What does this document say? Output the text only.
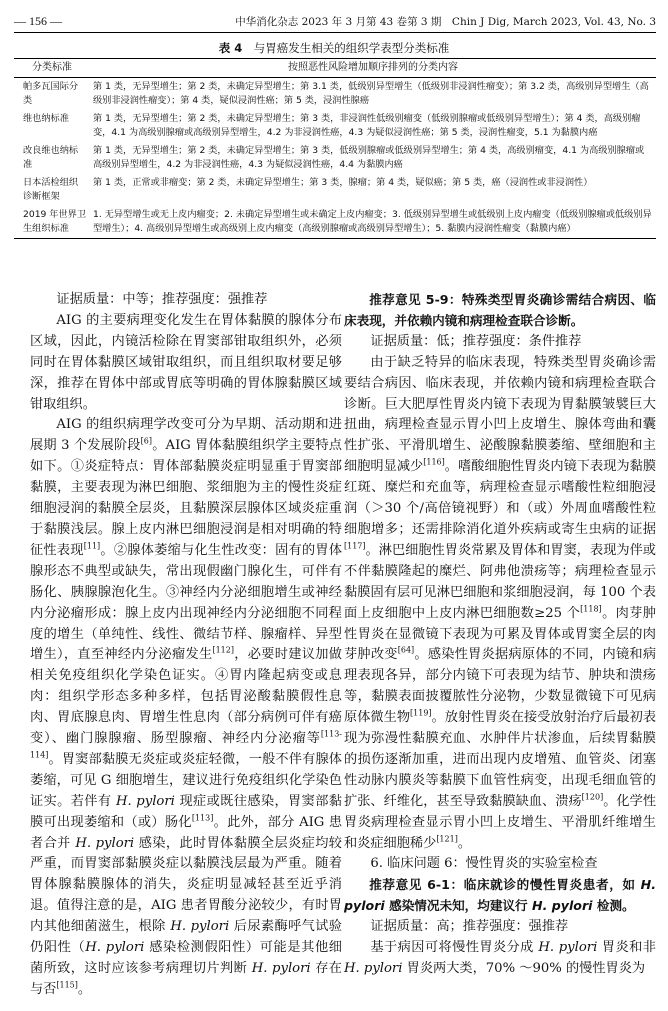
— 156 —	中华消化杂志 2023 年 3 月第 43 卷第 3 期　Chin J Dig, March 2023, Vol. 43, No. 3
表 4　 与胃癌发生相关的组织学表型分类标准
分类标准	按照恶性风险增加顺序排列的分类内容
帕多瓦国际分类	第 1 类，无异型增生；第 2 类，未确定异型增生；第 3.1 类，低级别异型增生（低级别非浸润性瘤变）；第 3.2 类，高级别异型增生（高级别非浸润性瘤变）；第 4 类，疑似浸润性癌；第 5 类，浸润性腺癌
维也纳标准	第 1 类，无异型增生；第 2 类，未确定异型增生；第 3 类，非浸润性低级别瘤变（低级别腺瘤或低级别异型增生）；第 4 类，高级别瘤变，4.1 为高级别腺瘤或高级别异型增生，4.2 为非浸润性癌，4.3 为疑似浸润性癌；第 5 类，浸润性瘤变，5.1 为黏膜内癌
改良维也纳标准	第 1 类，无异型增生；第 2 类，未确定异型增生；第 3 类，低级别腺瘤或低级别异型增生；第 4 类，高级别瘤变，4.1 为高级别腺瘤或高级别异型增生，4.2 为非浸润性癌，4.3 为疑似浸润性癌，4.4 为黏膜内癌
日本活检组织诊断框架	第 1 类，正常或非瘤变；第 2 类，未确定异型增生；第 3 类，腺瘤；第 4 类，疑似癌；第 5 类，癌（浸润性或非浸润性）
2019 年世界卫生组织标准	1. 无异型增生或无上皮内瘤变；2. 未确定异型增生或未确定上皮内瘤变；3. 低级别异型增生或低级别上皮内瘤变（低级别腺瘤或低级别异型增生）；4. 高级别异型增生或高级别上皮内瘤变（高级别腺瘤或高级别异型增生）；5. 黏膜内浸润性瘤变（黏膜内癌）

证据质量：中等；推荐强度：强推荐

AIG 的主要病理变化发生在胃体黏膜的腺体分布区域，因此，内镜活检除在胃窦部钳取组织外，必须同时在胃体黏膜区域钳取组织，而且组织取材要足够深，推荐在胃体中部或胃底等明确的胃体腺黏膜区域钳取组织。

AIG 的组织病理学改变可分为早期、活动期和进展期 3 个发展阶段[6]。AIG 胃体黏膜组织学主要特点如下。①炎症特点：胃体部黏膜炎症明显重于胃窦部黏膜，主要表现为淋巴细胞、浆细胞为主的慢性炎症细胞浸润的黏膜全层炎，且黏膜深层腺体区域炎症重于黏膜浅层。腺上皮内淋巴细胞浸润是相对明确的特征性表现[11]。②腺体萎缩与化生性改变：固有的胃体腺形态不典型或缺失，常出现假幽门腺化生，可伴有肠化、胰腺腺泡化生。③神经内分泌细胞增生或神经内分泌瘤形成：腺上皮内出现神经内分泌细胞不同程度的增生（单纯性、线性、微结节样、腺瘤样、异型增生），直至神经内分泌瘤发生[112]，必要时建议加做相关免疫组织化学染色证实。④胃内隆起病变或息肉：组织学形态多种多样，包括胃泌酸黏膜假性息肉、胃底腺息肉、胃增生性息肉（部分病例可伴有癌变）、幽门腺腺瘤、肠型腺瘤、神经内分泌瘤等[113-114]。胃窦部黏膜无炎症或炎症轻微，一般不伴有腺体萎缩，可见 G 细胞增生，建议进行免疫组织化学染色证实。若伴有 H. pylori 现症或既往感染，胃窦部黏膜可出现萎缩和（或）肠化[113]。此外，部分 AIG 患者合并 H. pylori 感染，此时胃体黏膜全层炎症均较严重，而胃窦部黏膜炎症以黏膜浅层最为严重。随着胃体腺黏膜腺体的消失，炎症明显减轻甚至近乎消退。值得注意的是，AIG 患者胃酸分泌较少，有时胃内其他细菌滋生，根除 H. pylori 后尿素酶呼气试验仍阳性（H. pylori 感染检测假阳性）可能是其他细菌所致，这时应该参考病理切片判断 H. pylori 存在与否[115]。

推荐意见 5-9：特殊类型胃炎确诊需结合病因、临床表现，并依赖内镜和病理检查联合诊断。

证据质量：低；推荐强度：条件推荐

由于缺乏特异的临床表现，特殊类型胃炎确诊需要结合病因、临床表现，并依赖内镜和病理检查联合诊断。巨大肥厚性胃炎内镜下表现为胃黏膜皱襞巨大扭曲，病理检查显示胃小凹上皮增生、腺体弯曲和囊性扩张、平滑肌增生、泌酸腺黏膜萎缩、壁细胞和主细胞明显减少[116]。嗜酸细胞性胃炎内镜下表现为黏膜红斑、糜烂和充血等，病理检查显示嗜酸性粒细胞浸润（＞30 个/高倍镜视野）和（或）外周血嗜酸性粒细胞增多；还需排除消化道外疾病或寄生虫病的证据[117]。淋巴细胞性胃炎常累及胃体和胃窦，表现为伴或不伴黏膜隆起的糜烂、阿弗他溃疡等；病理检查显示黏膜固有层可见淋巴细胞和浆细胞浸润，每 100 个表面上皮细胞中上皮内淋巴细胞数≥25 个[118]。肉芽肿性胃炎在显微镜下表现为可累及胃体或胃窦全层的肉芽肿改变[64]。感染性胃炎据病原体的不同，内镜和病理表现各异，部分内镜下可表现为结节、肿块和溃疡等，黏膜表面披覆脓性分泌物，少数显微镜下可见病原体微生物[119]。放射性胃炎在接受放射治疗后最初表现为弥漫性黏膜充血、水肿伴片状渗血，后续胃黏膜的损伤逐渐加重，进而出现内皮增殖、血管炎、闭塞性动脉内膜炎等黏膜下血管性病变，出现毛细血管的扩张、纤维化，甚至导致黏膜缺血、溃疡[120]。化学性胃炎病理检查显示胃小凹上皮增生、平滑肌纤维增生和炎症细胞稀少[121]。

6. 临床问题 6：慢性胃炎的实验室检查

推荐意见 6-1：临床就诊的慢性胃炎患者，如 H. pylori 感染情况未知，均建议行 H. pylori 检测。

证据质量：高；推荐强度：强推荐

基于病因可将慢性胃炎分成 H. pylori 胃炎和非 H. pylori 胃炎两大类，70% ～90% 的慢性胃炎为
